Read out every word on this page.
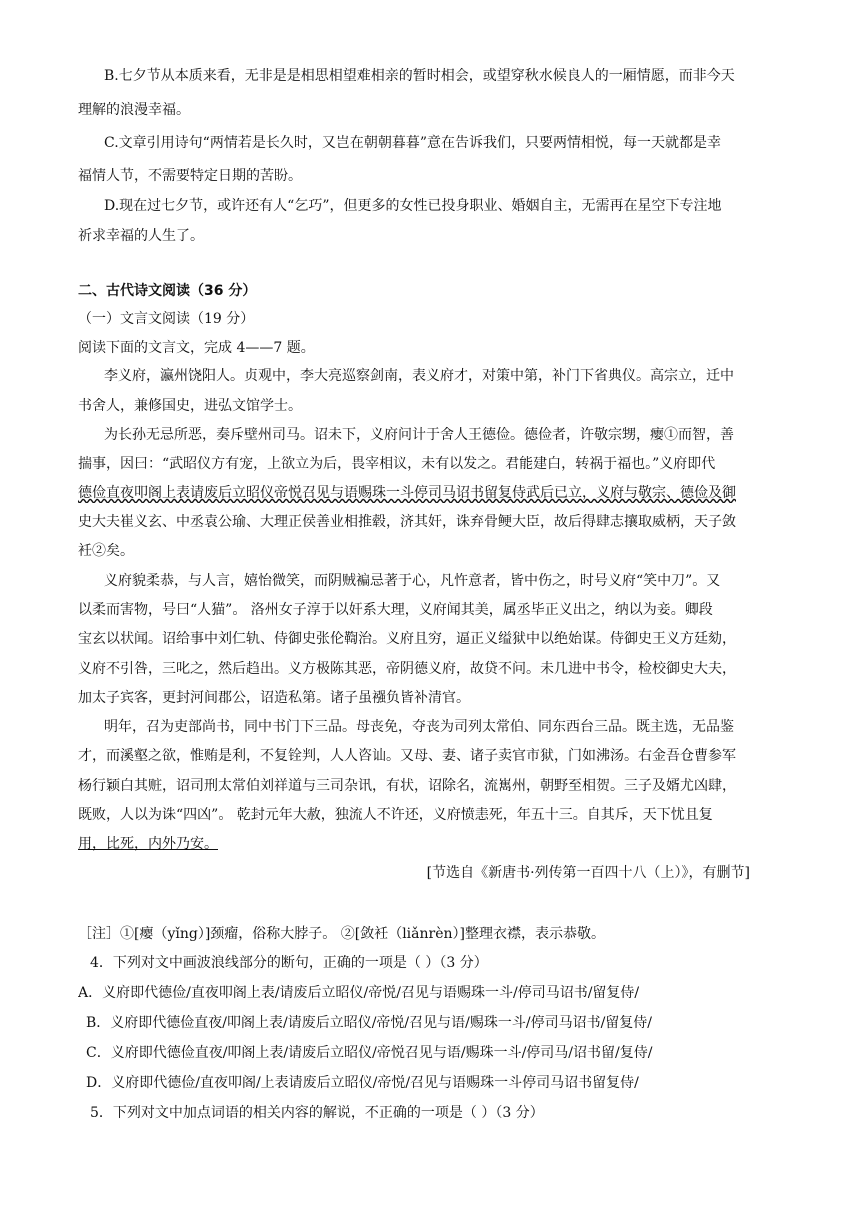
B.七夕节从本质来看，无非是是相思相望难相亲的暂时相会，或望穿秋水候良人的一厢情愿，而非今天
理解的浪漫幸福。
C.文章引用诗句“两情若是长久时，又岂在朝朝暮暮”意在告诉我们，只要两情相悦，每一天就都是幸
福情人节，不需要特定日期的苦盼。
D.现在过七夕节，或许还有人“乞巧”，但更多的女性已投身职业、婚姻自主，无需再在星空下专注地
祈求幸福的人生了。
二、古代诗文阅读（36 分）
（一）文言文阅读（19 分）
阅读下面的文言文，完成 4——7 题。
李义府，瀛州饶阳人。贞观中，李大亮巡察剑南，表义府才，对策中第，补门下省典仪。高宗立，迁中
书舍人，兼修国史，进弘文馆学士。
为长孙无忌所恶，奏斥壁州司马。诏未下，义府问计于舍人王德俭。德俭者，许敬宗甥，瘿①而智，善
揣事，因曰：“武昭仪方有宠，上欲立为后，畏宰相议，未有以发之。君能建白，转祸于福也。”义府即代
德俭直夜叩阁上表请废后立昭仪帝悦召见与语赐珠一斗停司马诏书留复侍武后已立，义府与敬宗、德俭及御
史大夫崔义玄、中丞袁公瑜、大理正侯善业相推毂，济其奸，诛弃骨鲠大臣，故后得肆志攘取威柄，天子敛
衽②矣。
义府貌柔恭，与人言，嬉怡微笑，而阴贼褊忌著于心，凡忤意者，皆中伤之，时号义府“笑中刀”。又
以柔而害物，号曰“人猫”。 洛州女子淳于以奸系大理，义府闻其美，属丞毕正义出之，纳以为妾。卿段
宝玄以状闻。诏给事中刘仁轨、侍御史张伦鞫治。义府且穷，逼正义缢狱中以绝始谋。侍御史王义方廷劾，
义府不引咎，三叱之，然后趋出。义方极陈其恶，帝阴德义府，故贷不问。未几进中书令，检校御史大夫，
加太子宾客，更封河间郡公，诏造私第。诸子虽襁负皆补清官。
明年，召为吏部尚书，同中书门下三品。母丧免，夺丧为司列太常伯、同东西台三品。既主选，无品鉴
才，而溪壑之欲，惟贿是利，不复铨判，人人咨讪。又母、妻、诸子卖官市狱，门如沸汤。右金吾仓曹参军
杨行颖白其赃，诏司刑太常伯刘祥道与三司杂讯，有状，诏除名，流嶲州，朝野至相贺。三子及婿尤凶肆，
既败，人以为诛“四凶”。 乾封元年大赦，独流人不许还，义府愤恚死，年五十三。自其斥，天下忧且复
用，比死，内外乃安。
[节选自《新唐书·列传第一百四十八（上）》，有删节]
［注］①[瘿（yǐng）]颈瘤，俗称大脖子。 ②[敛衽（liǎnrèn）]整理衣襟，表示恭敬。
4．下列对文中画波浪线部分的断句，正确的一项是（ ）（3 分）
A．义府即代德俭/直夜叩阁上表/请废后立昭仪/帝悦/召见与语赐珠一斗/停司马诏书/留复侍/
B．义府即代德俭直夜/叩阁上表/请废后立昭仪/帝悦/召见与语/赐珠一斗/停司马诏书/留复侍/
C．义府即代德俭直夜/叩阁上表/请废后立昭仪/帝悦召见与语/赐珠一斗/停司马/诏书留/复侍/
D．义府即代德俭/直夜叩阁/上表请废后立昭仪/帝悦/召见与语赐珠一斗停司马诏书留复侍/
5．下列对文中加点词语的相关内容的解说，不正确的一项是（ ）（3 分）
